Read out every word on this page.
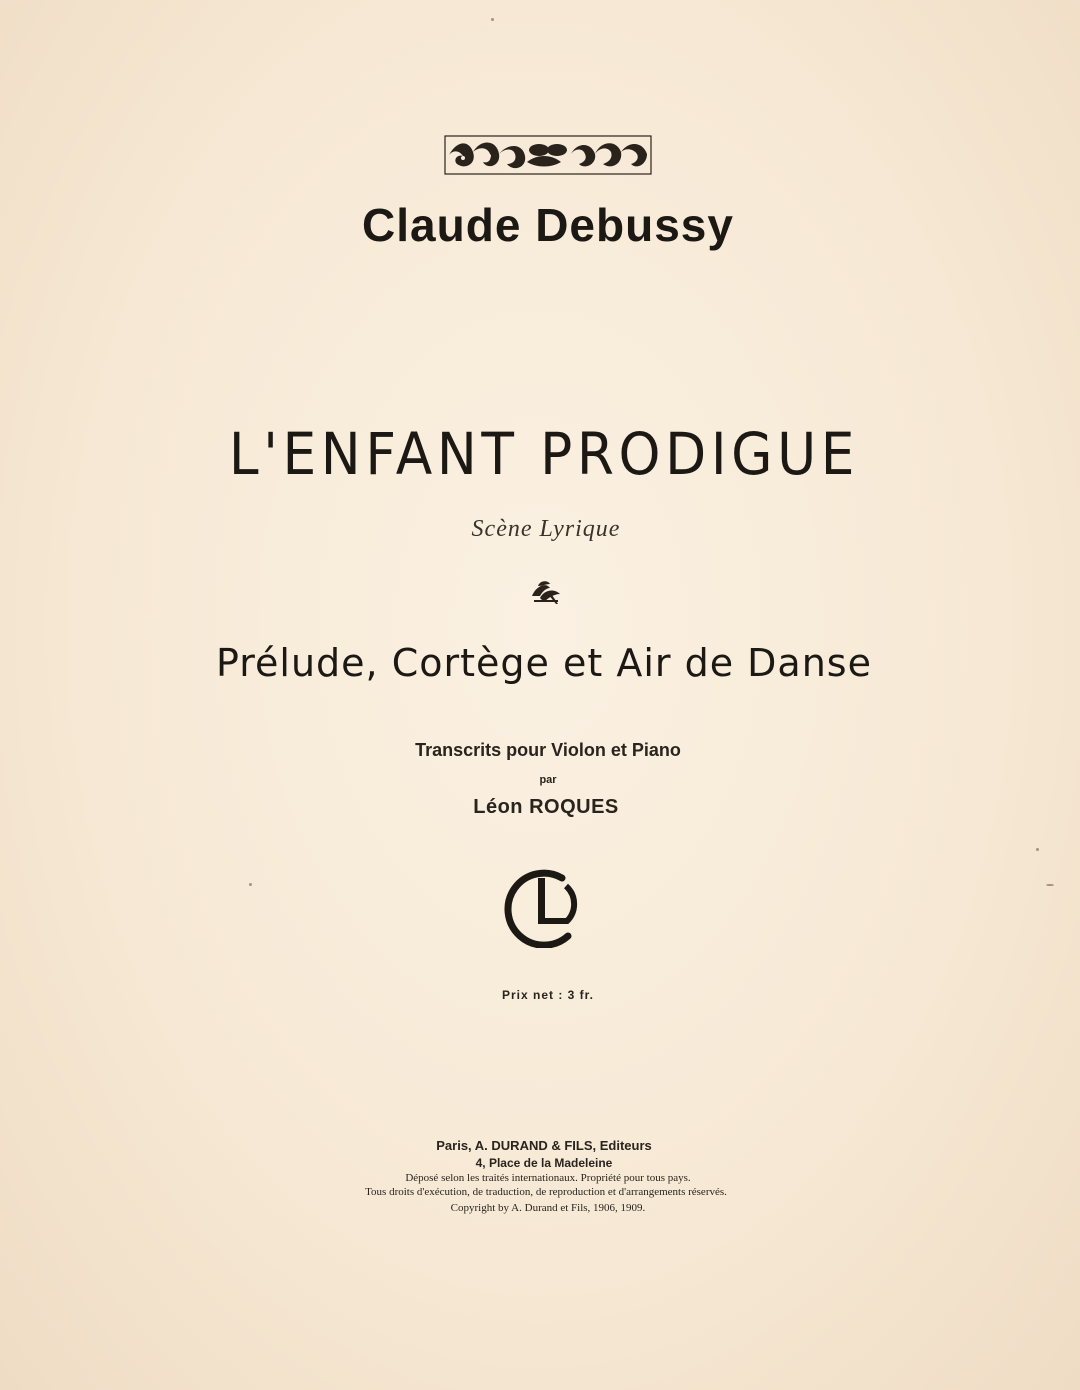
Claude Debussy
L'ENFANT PRODIGUE
Scène Lyrique
Prélude, Cortège et Air de Danse
Transcrits pour Violon et Piano
par
Léon ROQUES
Prix net : 3 fr.
Paris, A. DURAND & FILS, Editeurs
4, Place de la Madeleine
Déposé selon les traités internationaux. Propriété pour tous pays.
Tous droits d'exécution, de traduction, de reproduction et d'arrangements réservés.
Copyright by A. Durand et Fils, 1906, 1909.
